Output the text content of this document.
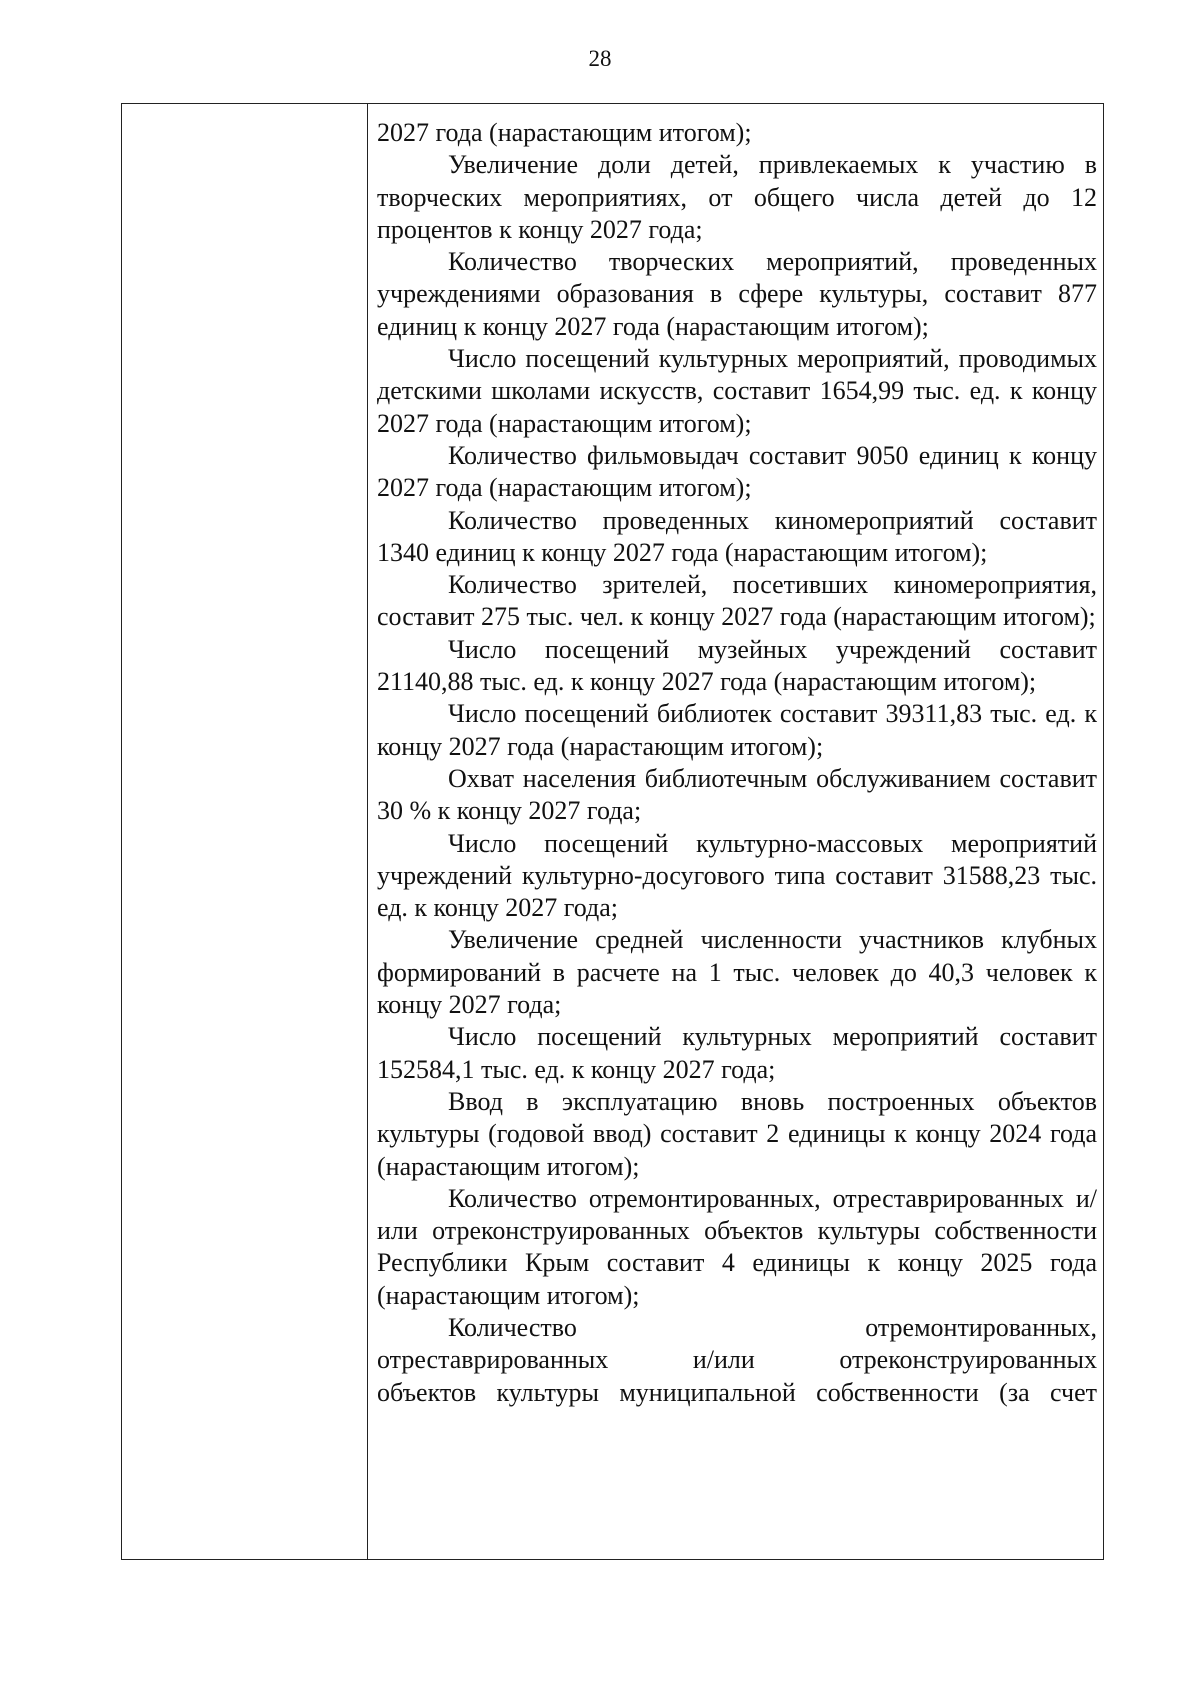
28

2027 года (нарастающим итогом);

Увеличение доли детей, привлекаемых к участию в творческих мероприятиях, от общего числа детей до 12 процентов к концу 2027 года;

Количество творческих мероприятий, проведенных учреждениями образования в сфере культуры, составит 877 единиц к концу 2027 года (нарастающим итогом);

Число посещений культурных мероприятий, проводимых детскими школами искусств, составит 1654,99 тыс. ед. к концу 2027 года (нарастающим итогом);

Количество фильмовыдач составит 9050 единиц к концу 2027 года (нарастающим итогом);

Количество проведенных киномероприятий составит 1340 единиц к концу 2027 года (нарастающим итогом);

Количество зрителей, посетивших киномероприятия, составит 275 тыс. чел. к концу 2027 года (нарастающим итогом);

Число посещений музейных учреждений составит 21140,88 тыс. ед. к концу 2027 года (нарастающим итогом);

Число посещений библиотек составит 39311,83 тыс. ед. к концу 2027 года (нарастающим итогом);

Охват населения библиотечным обслуживанием составит 30 % к концу 2027 года;

Число посещений культурно-массовых мероприятий учреждений культурно-досугового типа составит 31588,23 тыс. ед. к концу 2027 года;

Увеличение средней численности участников клубных формирований в расчете на 1 тыс. человек до 40,3 человек к концу 2027 года;

Число посещений культурных мероприятий составит 152584,1 тыс. ед. к концу 2027 года;

Ввод в эксплуатацию вновь построенных объектов культуры (годовой ввод) составит 2 единицы к концу 2024 года (нарастающим итогом);

Количество отремонтированных, отреставрированных и/или отреконструированных объектов культуры собственности Республики Крым составит 4 единицы к концу 2025 года (нарастающим итогом);

Количество	отремонтированных,

отреставрированных и/или отреконструированных

объектов культуры муниципальной собственности (за счет
